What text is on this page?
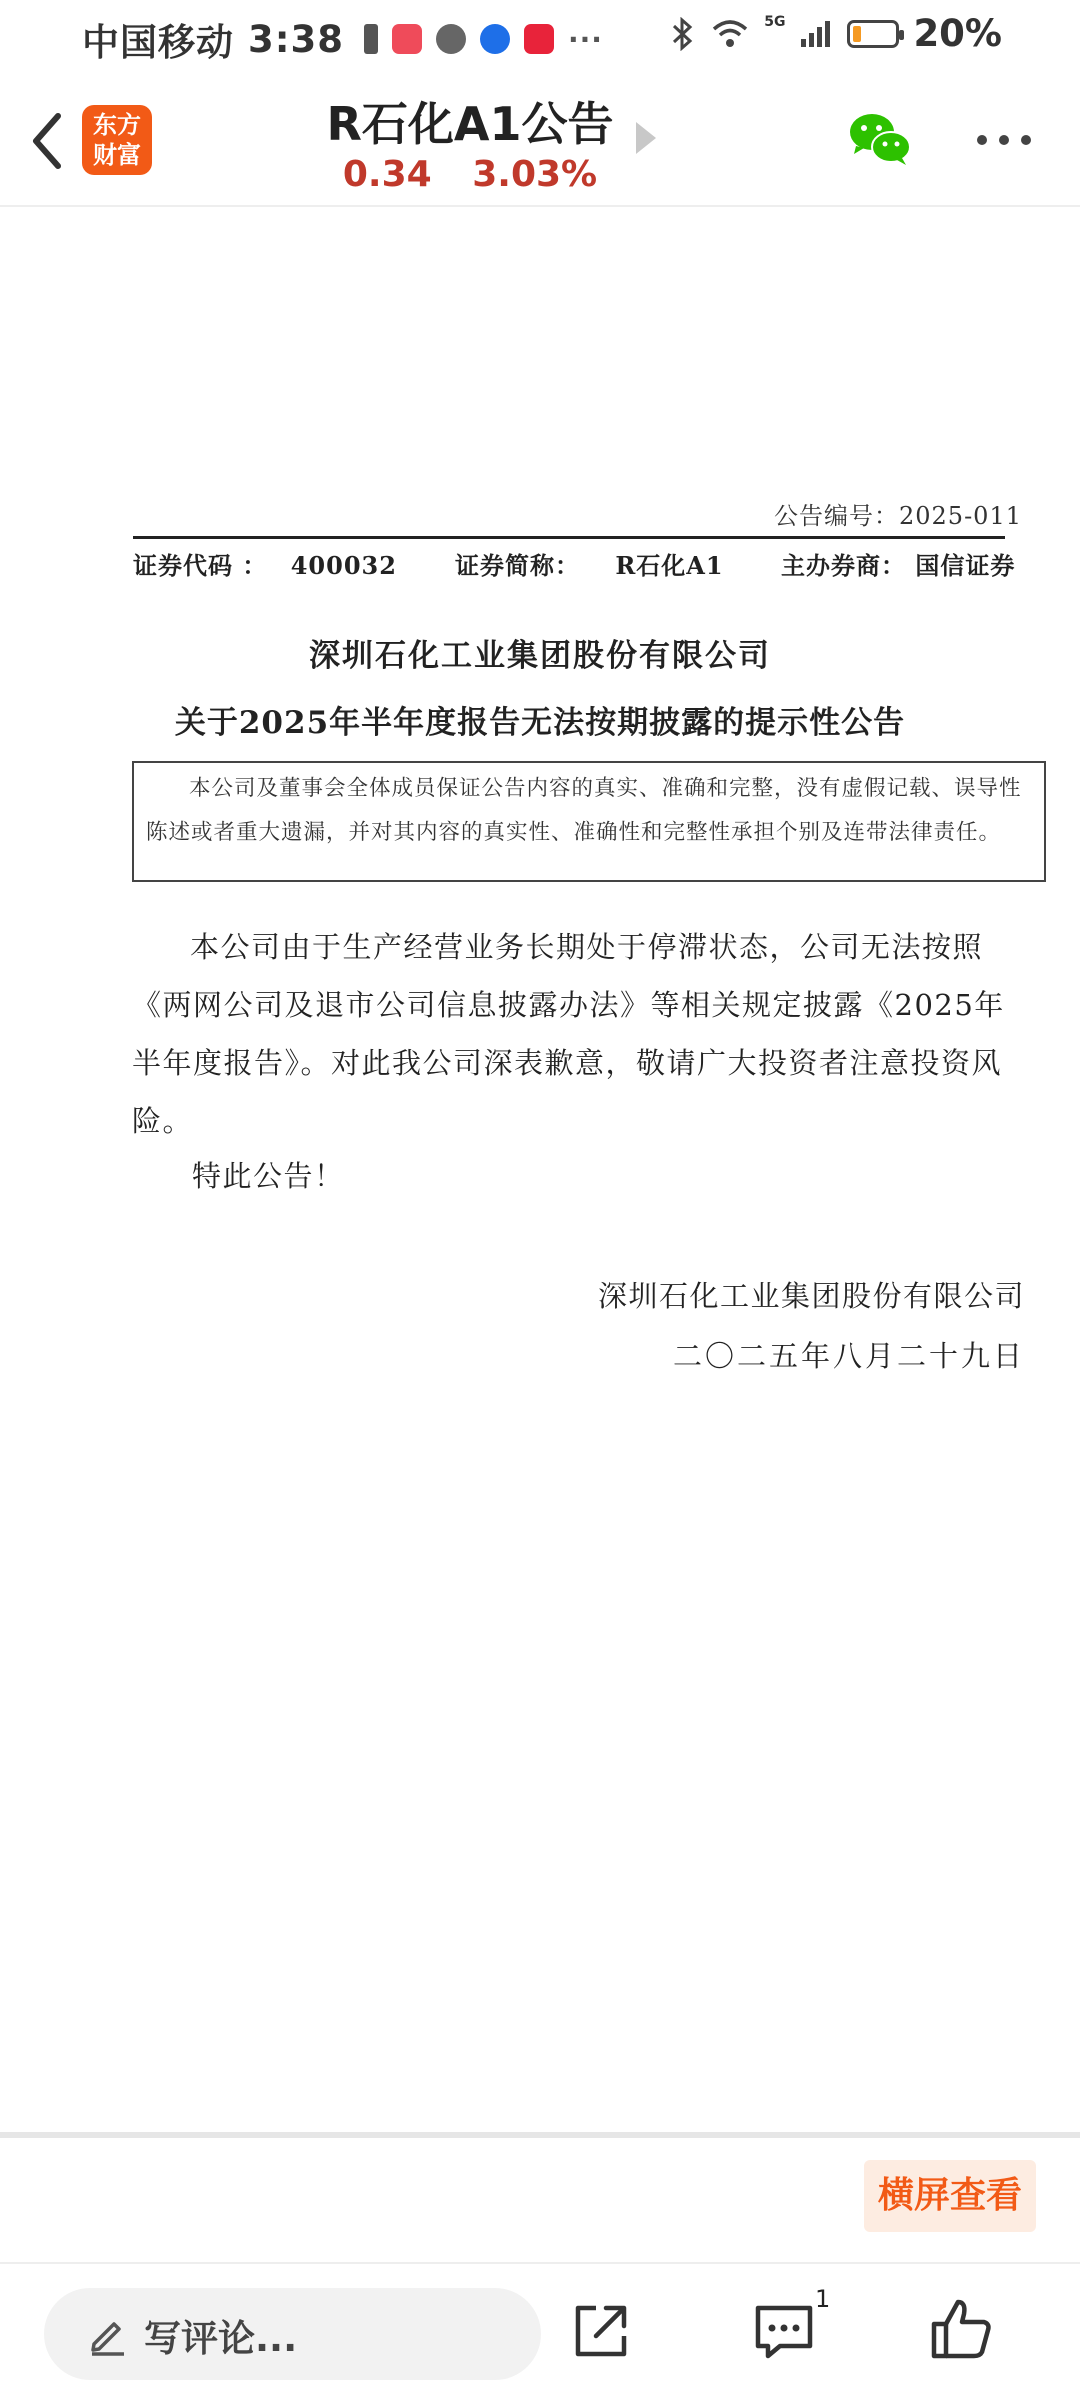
中国移动 3:38	···
5G	20%
东方
财富
R石化A1公告
0.34 3.03%
公告编号：2025-011
证券代码 ： 400032 证券简称： R石化A1 主办券商： 国信证券
深圳石化工业集团股份有限公司
关于2025年半年度报告无法按期披露的提示性公告

本公司及董事会全体成员保证公告内容的真实、准确和完整，没有虚假记载、误导性陈述或者重大遗漏，并对其内容的真实性、准确性和完整性承担个别及连带法律责任。

本公司由于生产经营业务长期处于停滞状态，公司无法按照《两网公司及退市公司信息披露办法》等相关规定披露《2025年半年度报告》。对此我公司深表歉意，敬请广大投资者注意投资风险。
特此公告！
深圳石化工业集团股份有限公司
二〇二五年八月二十九日
横屏查看
写评论...
1
